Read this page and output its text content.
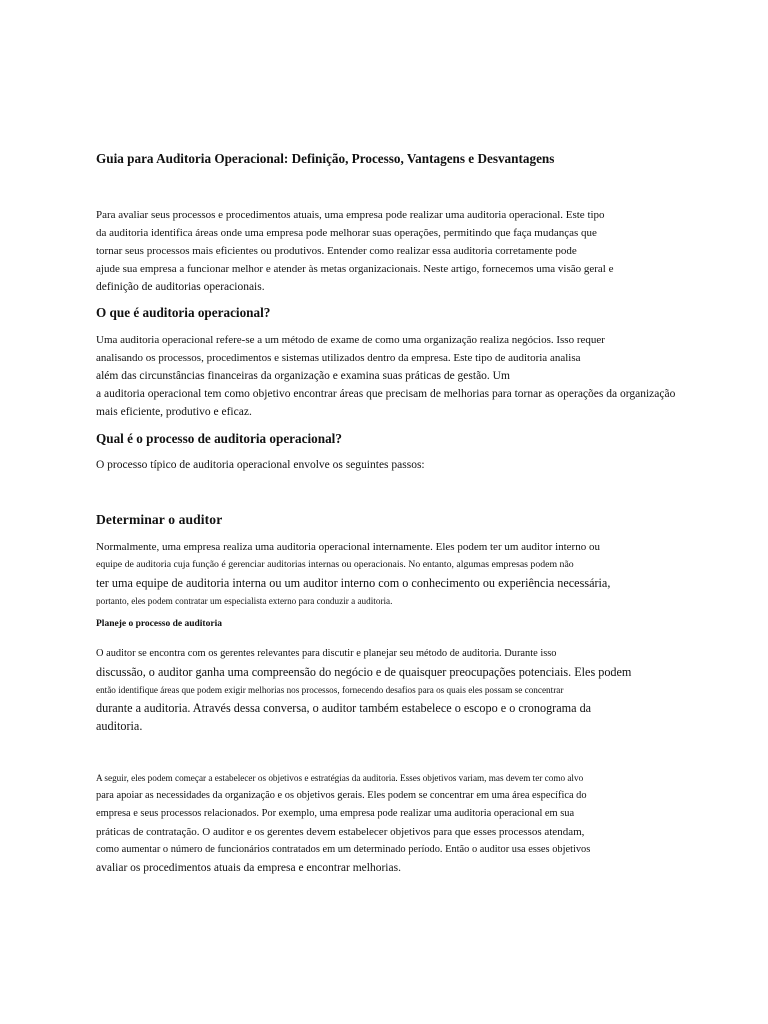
Guia para Auditoria Operacional: Definição, Processo, Vantagens e Desvantagens
Para avaliar seus processos e procedimentos atuais, uma empresa pode realizar uma auditoria operacional. Este tipo
da auditoria identifica áreas onde uma empresa pode melhorar suas operações, permitindo que faça mudanças que
tornar seus processos mais eficientes ou produtivos. Entender como realizar essa auditoria corretamente pode
ajude sua empresa a funcionar melhor e atender às metas organizacionais. Neste artigo, fornecemos uma visão geral e
definição de auditorias operacionais.
O que é auditoria operacional?
Uma auditoria operacional refere-se a um método de exame de como uma organização realiza negócios. Isso requer
analisando os processos, procedimentos e sistemas utilizados dentro da empresa. Este tipo de auditoria analisa
além das circunstâncias financeiras da organização e examina suas práticas de gestão. Um
a auditoria operacional tem como objetivo encontrar áreas que precisam de melhorias para tornar as operações da organização
mais eficiente, produtivo e eficaz.
Qual é o processo de auditoria operacional?
O processo típico de auditoria operacional envolve os seguintes passos:
Determinar o auditor
Normalmente, uma empresa realiza uma auditoria operacional internamente. Eles podem ter um auditor interno ou
equipe de auditoria cuja função é gerenciar auditorias internas ou operacionais. No entanto, algumas empresas podem não
ter uma equipe de auditoria interna ou um auditor interno com o conhecimento ou experiência necessária,
portanto, eles podem contratar um especialista externo para conduzir a auditoria.
Planeje o processo de auditoria
O auditor se encontra com os gerentes relevantes para discutir e planejar seu método de auditoria. Durante isso
discussão, o auditor ganha uma compreensão do negócio e de quaisquer preocupações potenciais. Eles podem
então identifique áreas que podem exigir melhorias nos processos, fornecendo desafios para os quais eles possam se concentrar
durante a auditoria. Através dessa conversa, o auditor também estabelece o escopo e o cronograma da
auditoria.
A seguir, eles podem começar a estabelecer os objetivos e estratégias da auditoria. Esses objetivos variam, mas devem ter como alvo
para apoiar as necessidades da organização e os objetivos gerais. Eles podem se concentrar em uma área específica do
empresa e seus processos relacionados. Por exemplo, uma empresa pode realizar uma auditoria operacional em sua
práticas de contratação. O auditor e os gerentes devem estabelecer objetivos para que esses processos atendam,
como aumentar o número de funcionários contratados em um determinado período. Então o auditor usa esses objetivos
avaliar os procedimentos atuais da empresa e encontrar melhorias.
